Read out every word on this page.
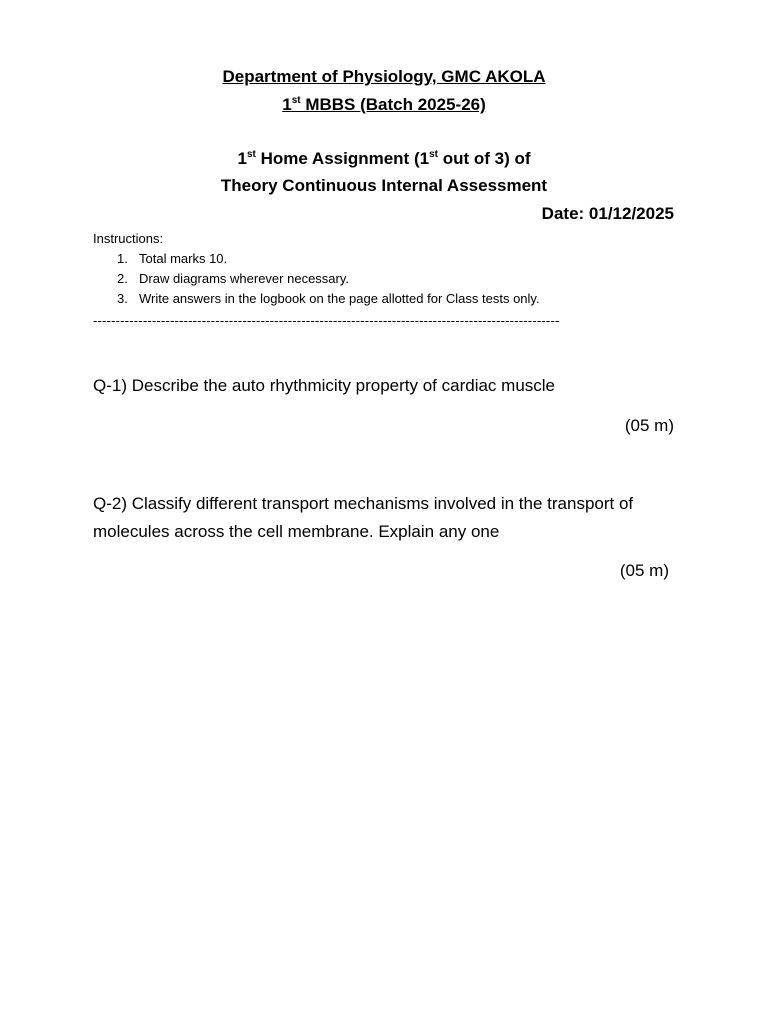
Department of Physiology, GMC AKOLA
1st MBBS (Batch 2025-26)
1st Home Assignment (1st out of 3) of
Theory Continuous Internal Assessment
Date: 01/12/2025
Instructions:
1. Total marks 10.
2. Draw diagrams wherever necessary.
3. Write answers in the logbook on the page allotted for Class tests only.
-------------------------------------------------------------------------------------------------------
Q-1) Describe the auto rhythmicity property of cardiac muscle
(05 m)
Q-2) Classify different transport mechanisms involved in the transport of molecules across the cell membrane. Explain any one
(05 m)
